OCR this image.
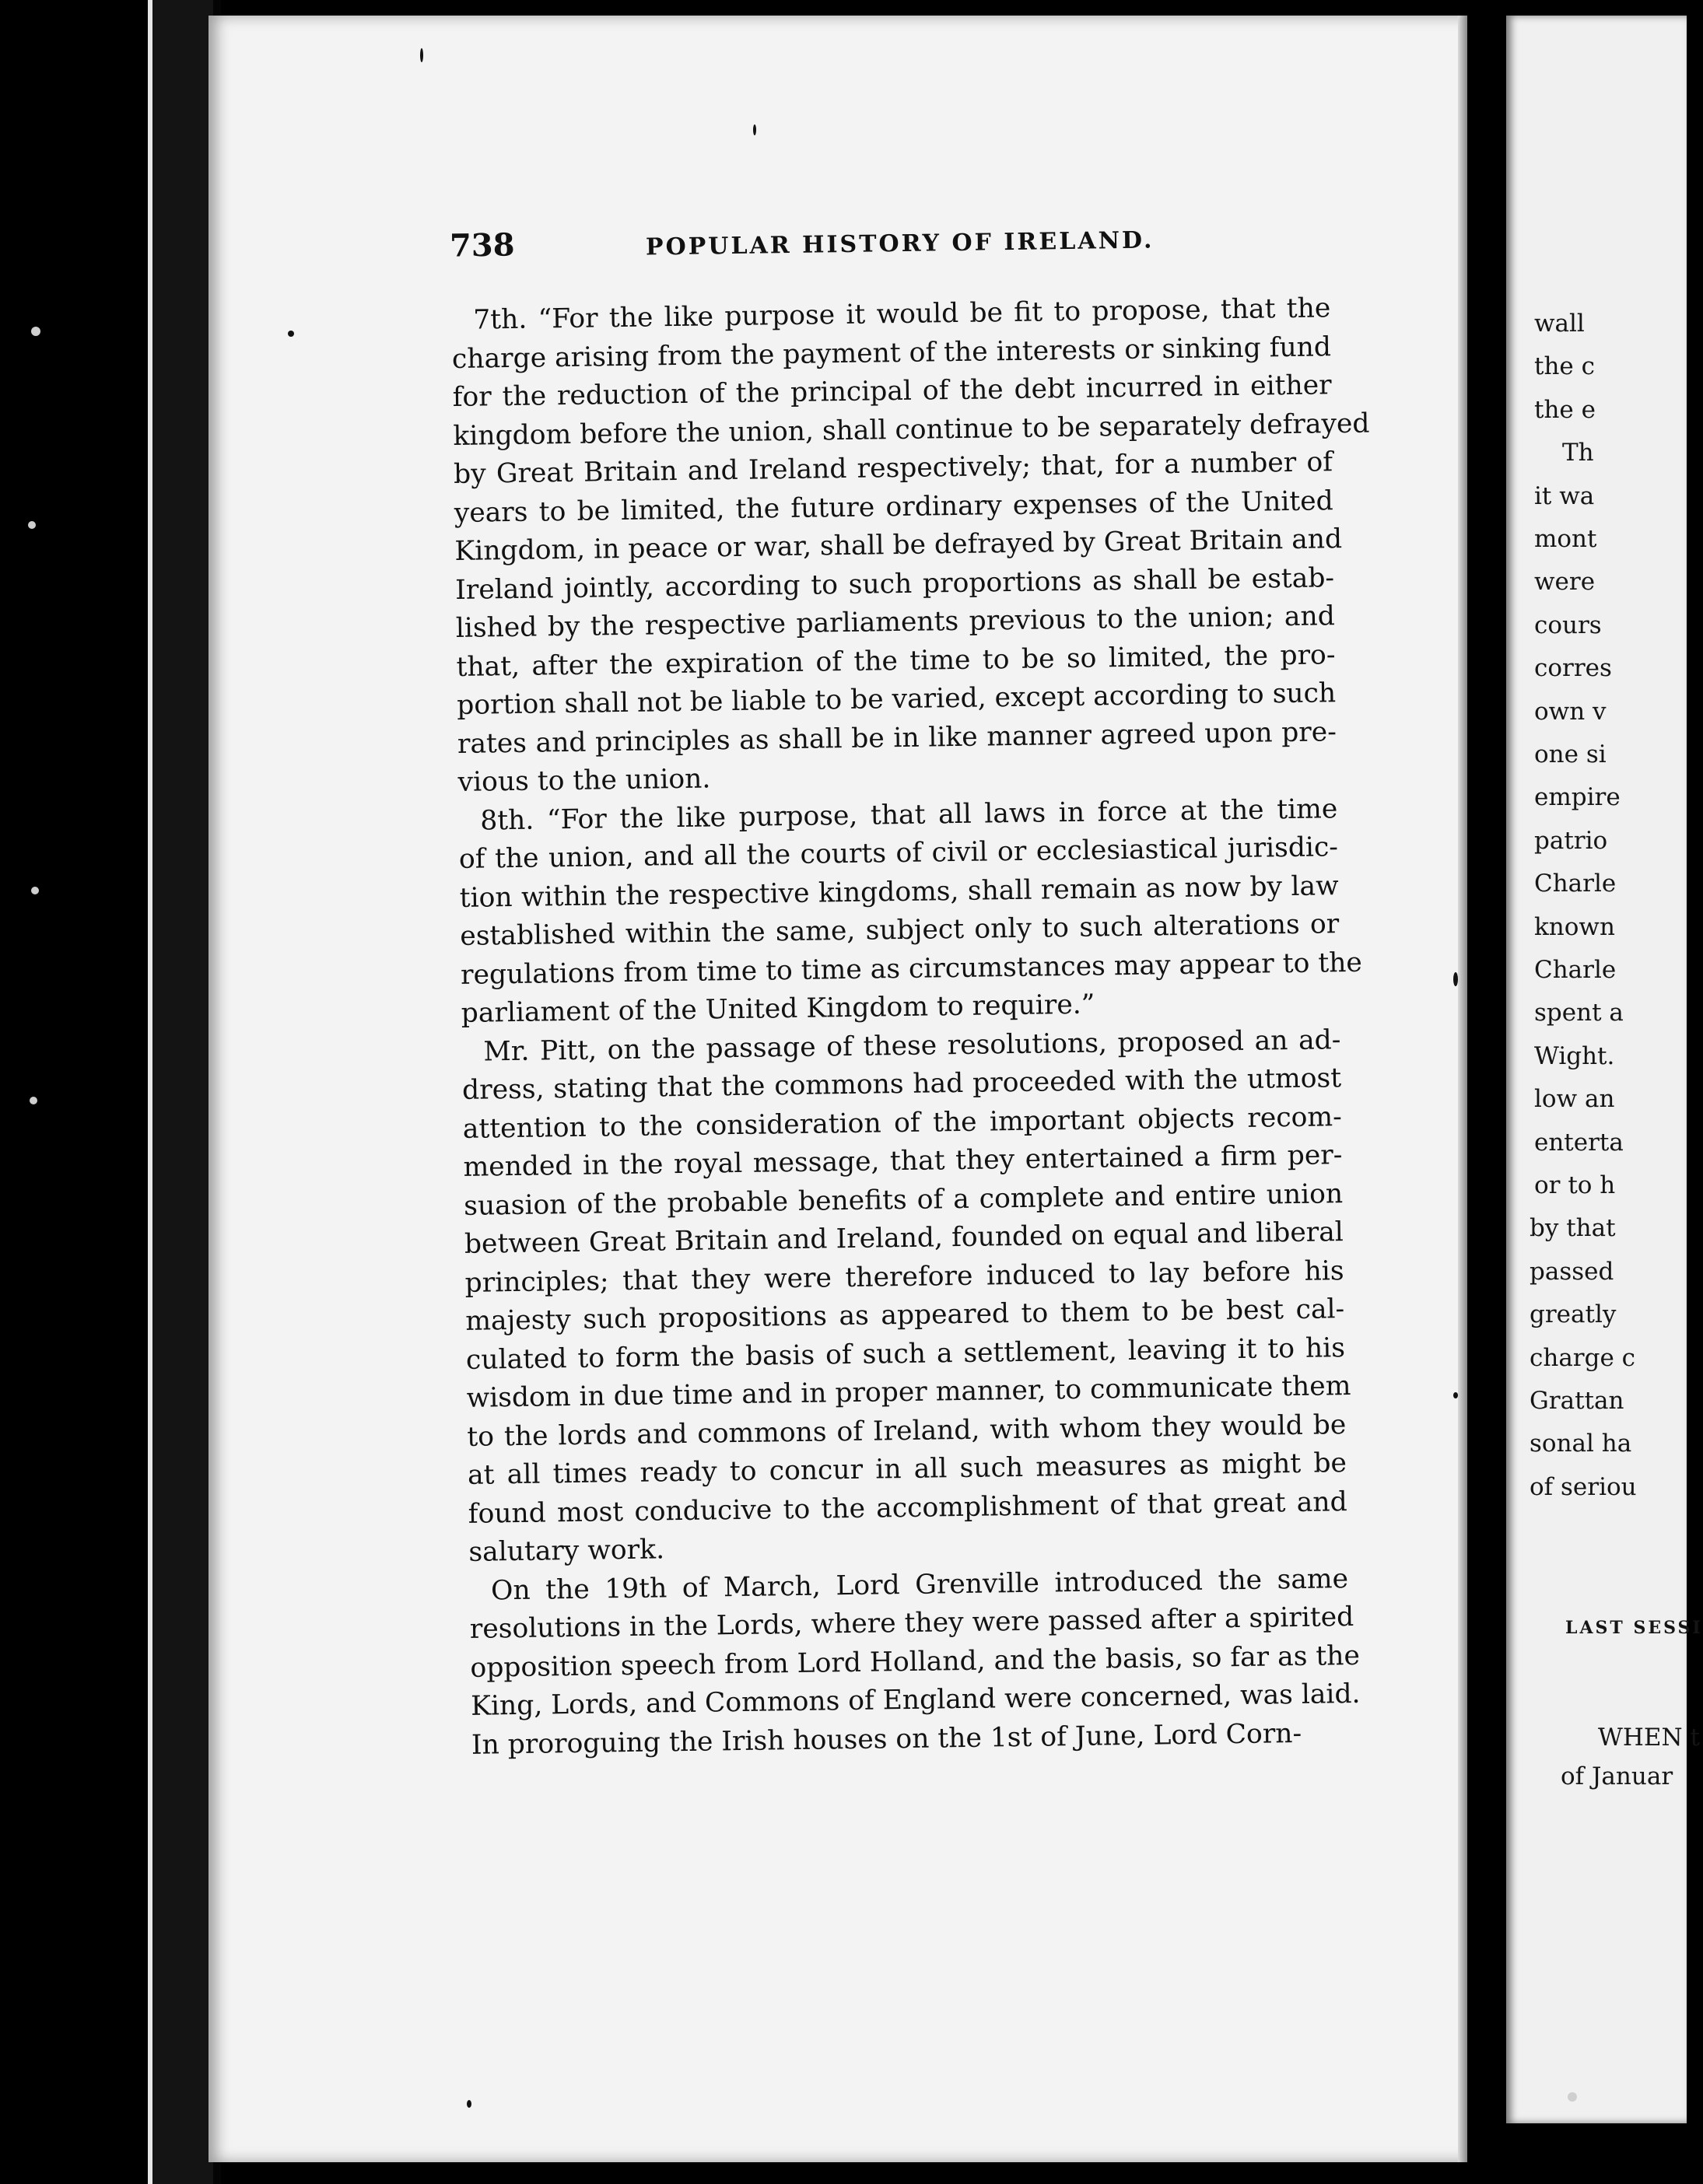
wall
the c
the e
Th
it wa
mont
were
cours
corres
own v
one si
empire
patrio
Charle
known
Charle
spent a
Wight.
low an
enterta
or to h
by that
passed
greatly
charge c
Grattan
sonal ha
of seriou
LAST SESSI
WHEN t
of Januar
738	POPULAR HISTORY OF IRELAND.

7th. “For the like purpose it would be fit to propose, that the
charge arising from the payment of the interests or sinking fund
for the reduction of the principal of the debt incurred in either
kingdom before the union, shall continue to be separately defrayed
by Great Britain and Ireland respectively; that, for a number of
years to be limited, the future ordinary expenses of the United
Kingdom, in peace or war, shall be defrayed by Great Britain and
Ireland jointly, according to such proportions as shall be estab-
lished by the respective parliaments previous to the union; and
that, after the expiration of the time to be so limited, the pro-
portion shall not be liable to be varied, except according to such
rates and principles as shall be in like manner agreed upon pre-
vious to the union.

8th. “For the like purpose, that all laws in force at the time
of the union, and all the courts of civil or ecclesiastical jurisdic-
tion within the respective kingdoms, shall remain as now by law
established within the same, subject only to such alterations or
regulations from time to time as circumstances may appear to the
parliament of the United Kingdom to require.”

Mr. Pitt, on the passage of these resolutions, proposed an ad-
dress, stating that the commons had proceeded with the utmost
attention to the consideration of the important objects recom-
mended in the royal message, that they entertained a firm per-
suasion of the probable benefits of a complete and entire union
between Great Britain and Ireland, founded on equal and liberal
principles; that they were therefore induced to lay before his
majesty such propositions as appeared to them to be best cal-
culated to form the basis of such a settlement, leaving it to his
wisdom in due time and in proper manner, to communicate them
to the lords and commons of Ireland, with whom they would be
at all times ready to concur in all such measures as might be
found most conducive to the accomplishment of that great and
salutary work.

On the 19th of March, Lord Grenville introduced the same
resolutions in the Lords, where they were passed after a spirited
opposition speech from Lord Holland, and the basis, so far as the
King, Lords, and Commons of England were concerned, was laid.
In proroguing the Irish houses on the 1st of June, Lord Corn-
